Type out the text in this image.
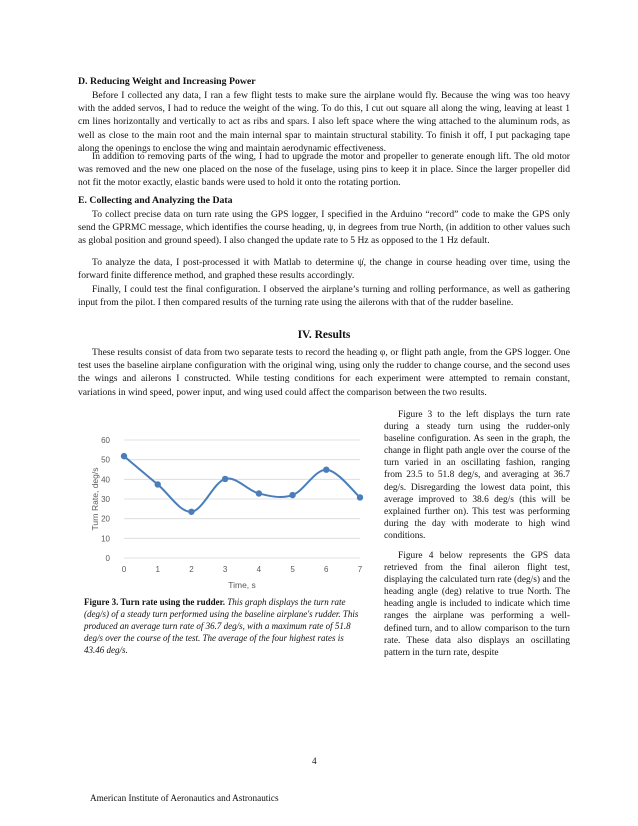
D. Reducing Weight and Increasing Power
Before I collected any data, I ran a few flight tests to make sure the airplane would fly. Because the wing was too heavy with the added servos, I had to reduce the weight of the wing. To do this, I cut out square all along the wing, leaving at least 1 cm lines horizontally and vertically to act as ribs and spars. I also left space where the wing attached to the aluminum rods, as well as close to the main root and the main internal spar to maintain structural stability. To finish it off, I put packaging tape along the openings to enclose the wing and maintain aerodynamic effectiveness.
In addition to removing parts of the wing, I had to upgrade the motor and propeller to generate enough lift. The old motor was removed and the new one placed on the nose of the fuselage, using pins to keep it in place. Since the larger propeller did not fit the motor exactly, elastic bands were used to hold it onto the rotating portion.
E. Collecting and Analyzing the Data
To collect precise data on turn rate using the GPS logger, I specified in the Arduino “record” code to make the GPS only send the GPRMC message, which identifies the course heading, ψ, in degrees from true North, (in addition to other values such as global position and ground speed). I also changed the update rate to 5 Hz as opposed to the 1 Hz default.
To analyze the data, I post-processed it with Matlab to determine ψ̇, the change in course heading over time, using the forward finite difference method, and graphed these results accordingly.
Finally, I could test the final configuration. I observed the airplane’s turning and rolling performance, as well as gathering input from the pilot. I then compared results of the turning rate using the ailerons with that of the rudder baseline.
IV. Results
These results consist of data from two separate tests to record the heading φ, or flight path angle, from the GPS logger. One test uses the baseline airplane configuration with the original wing, using only the rudder to change course, and the second uses the wings and ailerons I constructed. While testing conditions for each experiment were attempted to remain constant, variations in wind speed, power input, and wing used could affect the comparison between the two results.
0
10
20
30
40
50
60
0	1	2	3	4	5	6	7
Time, s
Turn Rate, deg/s
Figure 3. Turn rate using the rudder. This graph displays the turn rate (deg/s) of a steady turn performed using the baseline airplane's rudder. This produced an average turn rate of 36.7 deg/s, with a maximum rate of 51.8 deg/s over the course of the test. The average of the four highest rates is 43.46 deg/s.
Figure 3 to the left displays the turn rate during a steady turn using the rudder-only baseline configuration. As seen in the graph, the change in flight path angle over the course of the turn varied in an oscillating fashion, ranging from 23.5 to 51.8 deg/s, and averaging at 36.7 deg/s. Disregarding the lowest data point, this average improved to 38.6 deg/s (this will be explained further on). This test was performing during the day with moderate to high wind conditions.
Figure 4 below represents the GPS data retrieved from the final aileron flight test, displaying the calculated turn rate (deg/s) and the heading angle (deg) relative to true North. The heading angle is included to indicate which time ranges the airplane was performing a well-defined turn, and to allow comparison to the turn rate. These data also displays an oscillating pattern in the turn rate, despite
4
American Institute of Aeronautics and Astronautics
